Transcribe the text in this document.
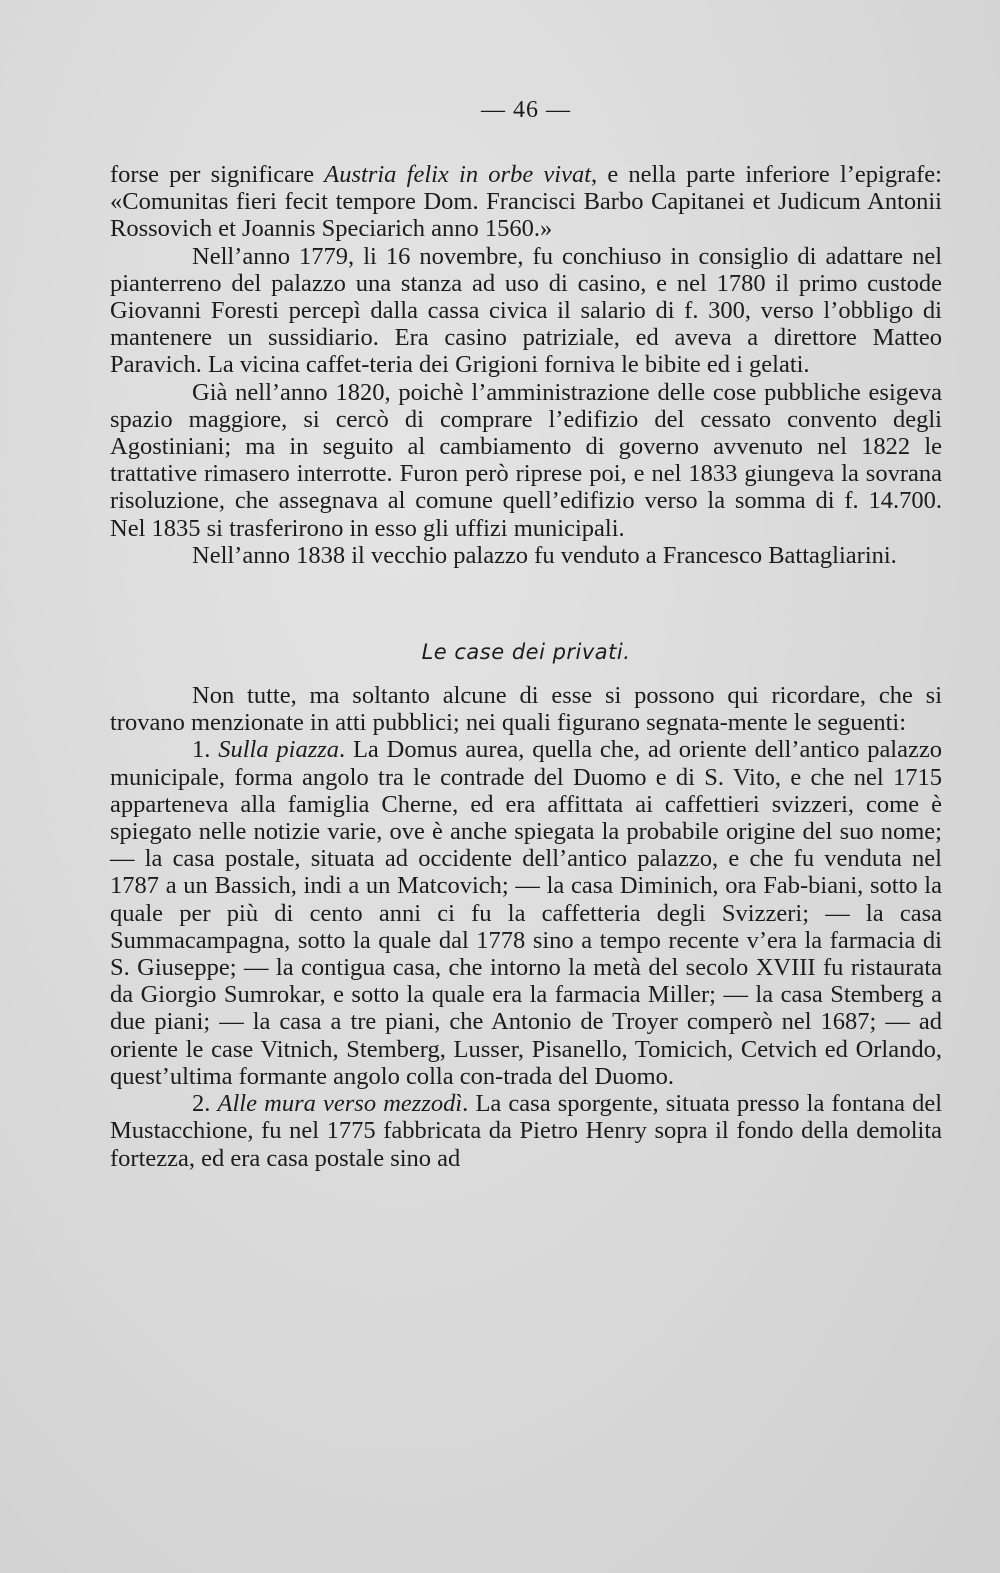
— 46 —

forse per significare Austria felix in orbe vivat, e nella parte inferiore l’epigrafe: «Comunitas fieri fecit tempore Dom. Francisci Barbo Capitanei et Judicum Antonii Rossovich et Joannis Speciarich anno 1560.»

Nell’anno 1779, li 16 novembre, fu conchiuso in consiglio di adattare nel pianterreno del palazzo una stanza ad uso di casino, e nel 1780 il primo custode Giovanni Foresti percepì dalla cassa civica il salario di f. 300, verso l’obbligo di mantenere un sussidiario. Era casino patriziale, ed aveva a direttore Matteo Paravich. La vicina caffet-teria dei Grigioni forniva le bibite ed i gelati.

Già nell’anno 1820, poichè l’amministrazione delle cose pubbliche esigeva spazio maggiore, si cercò di comprare l’edifizio del cessato convento degli Agostiniani; ma in seguito al cambiamento di governo avvenuto nel 1822 le trattative rimasero interrotte. Furon però riprese poi, e nel 1833 giungeva la sovrana risoluzione, che assegnava al comune quell’edifizio verso la somma di f. 14.700. Nel 1835 si trasferirono in esso gli uffizi municipali.

Nell’anno 1838 il vecchio palazzo fu venduto a Francesco Battagliarini.

Le case dei privati.

Non tutte, ma soltanto alcune di esse si possono qui ricordare, che si trovano menzionate in atti pubblici; nei quali figurano segnata-mente le seguenti:

1. Sulla piazza. La Domus aurea, quella che, ad oriente dell’antico palazzo municipale, forma angolo tra le contrade del Duomo e di S. Vito, e che nel 1715 apparteneva alla famiglia Cherne, ed era affittata ai caffettieri svizzeri, come è spiegato nelle notizie varie, ove è anche spiegata la probabile origine del suo nome; — la casa postale, situata ad occidente dell’antico palazzo, e che fu venduta nel 1787 a un Bassich, indi a un Matcovich; — la casa Diminich, ora Fab-biani, sotto la quale per più di cento anni ci fu la caffetteria degli Svizzeri; — la casa Summacampagna, sotto la quale dal 1778 sino a tempo recente v’era la farmacia di S. Giuseppe; — la contigua casa, che intorno la metà del secolo XVIII fu ristaurata da Giorgio Sumrokar, e sotto la quale era la farmacia Miller; — la casa Stemberg a due piani; — la casa a tre piani, che Antonio de Troyer comperò nel 1687; — ad oriente le case Vitnich, Stemberg, Lusser, Pisanello, Tomicich, Cetvich ed Orlando, quest’ultima formante angolo colla con-trada del Duomo.

2. Alle mura verso mezzodì. La casa sporgente, situata presso la fontana del Mustacchione, fu nel 1775 fabbricata da Pietro Henry sopra il fondo della demolita fortezza, ed era casa postale sino ad
